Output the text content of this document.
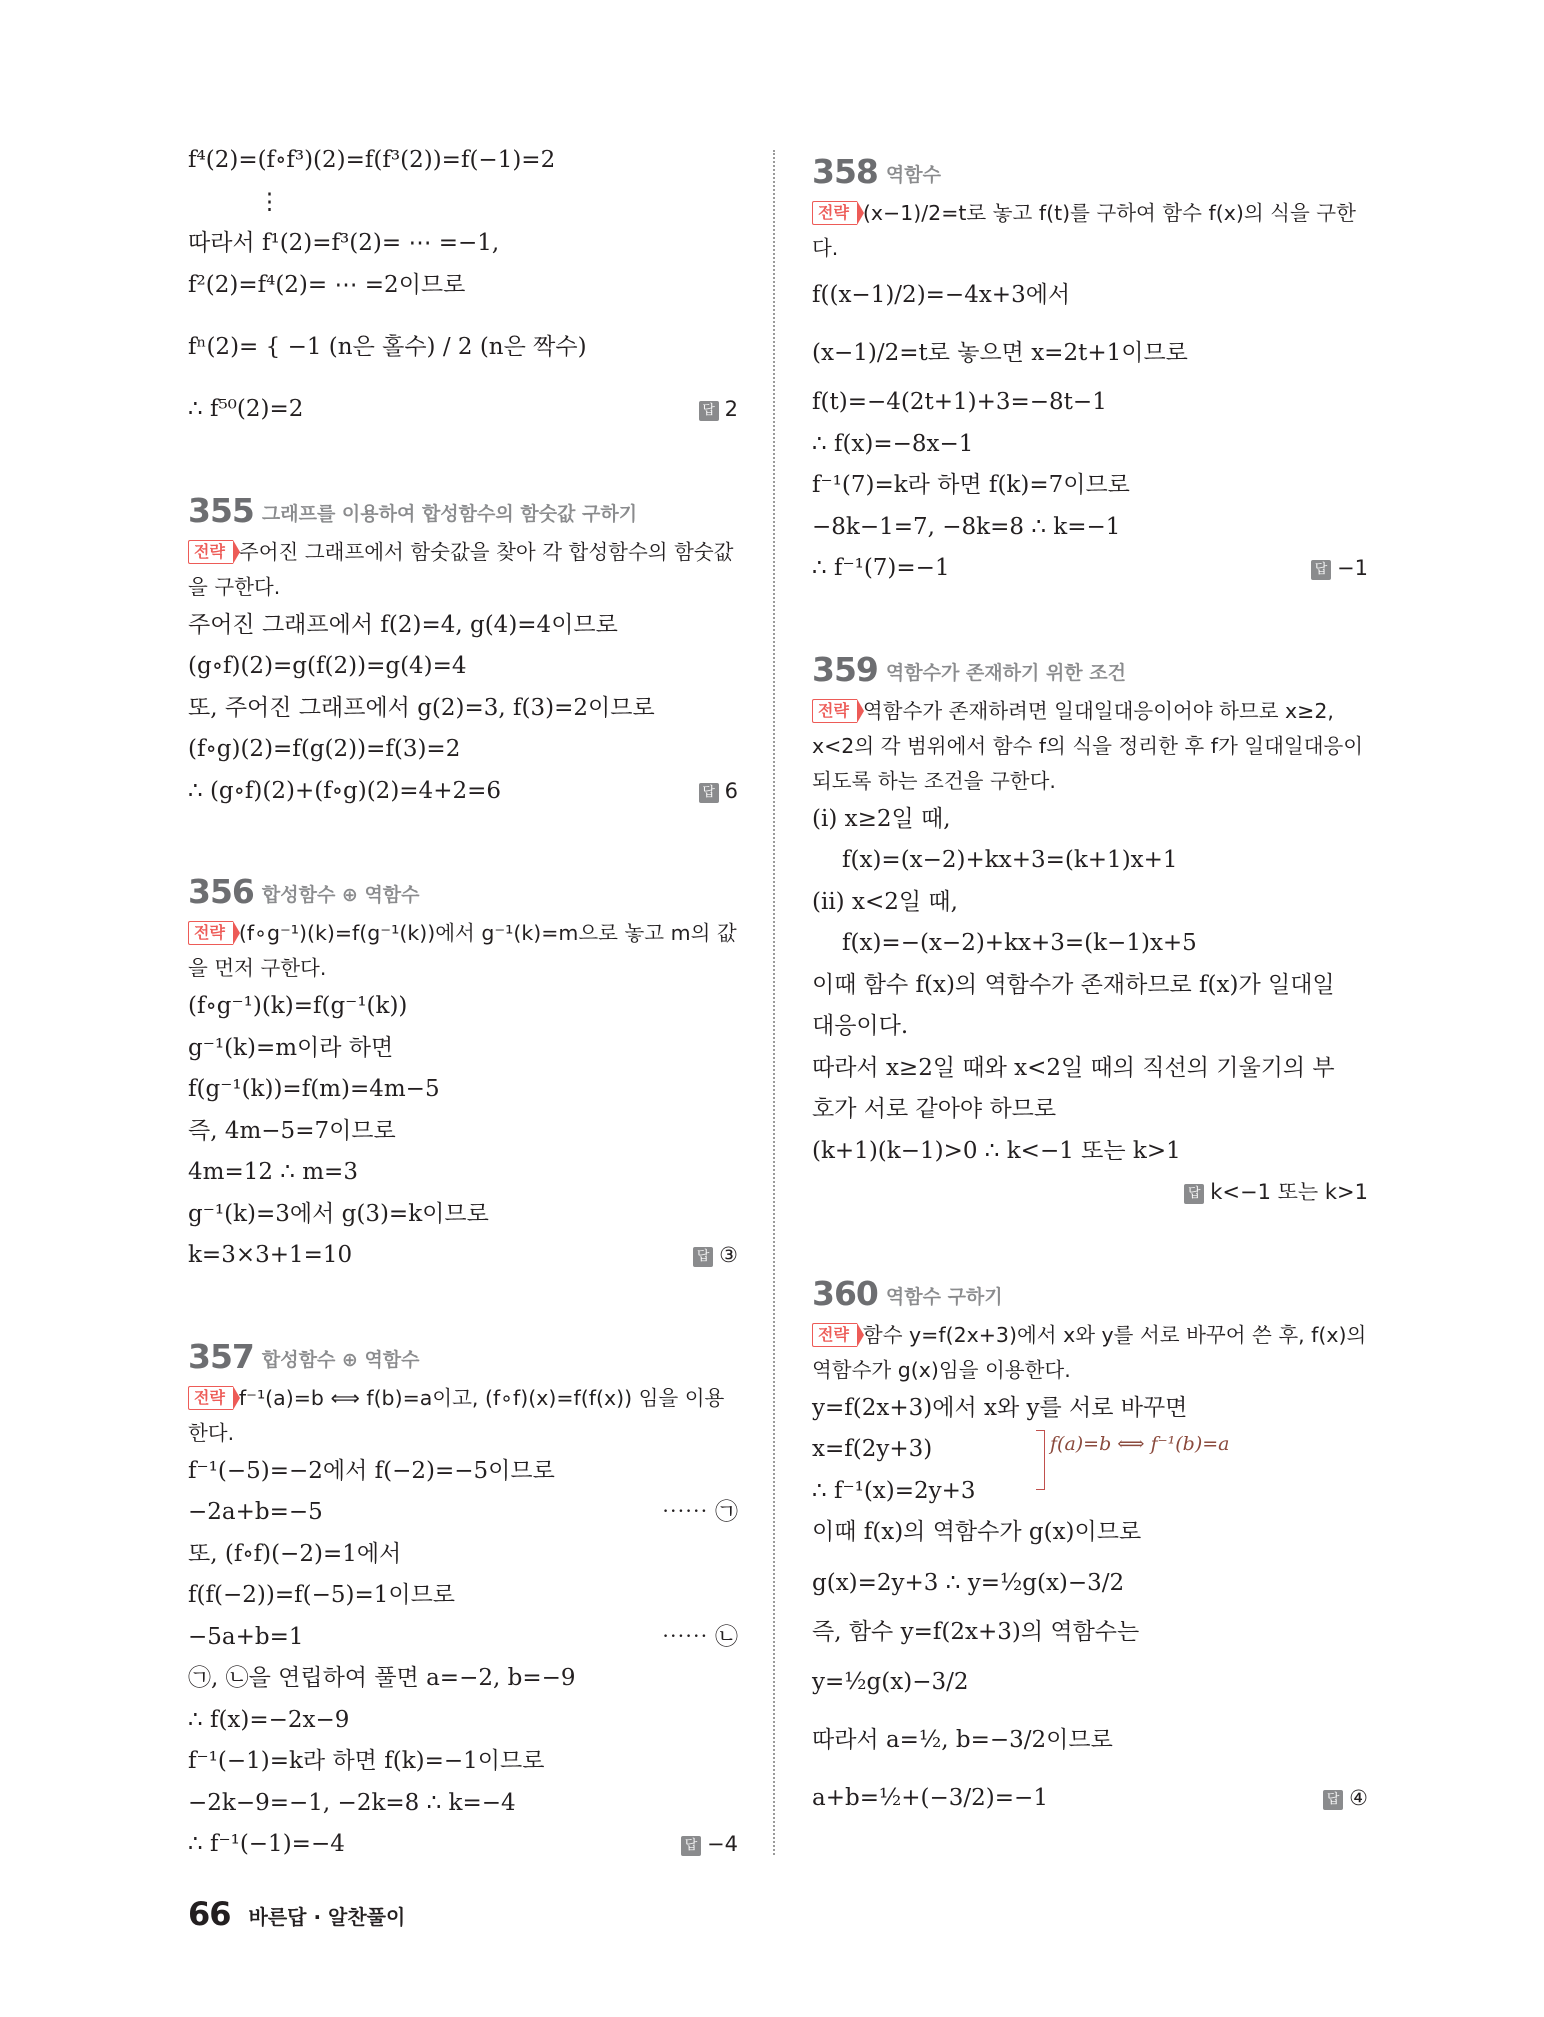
f⁴(2)=(f∘f³)(2)=f(f³(2))=f(−1)=2
⋮
따라서 f¹(2)=f³(2)= ⋯ =−1,
f²(2)=f⁴(2)= ⋯ =2이므로
fⁿ(2)= { −1 (n은 홀수) / 2 (n은 짝수)
∴ f⁵⁰(2)=2	답 2
355 그래프를 이용하여 합성함수의 함숫값 구하기
전략 주어진 그래프에서 함숫값을 찾아 각 합성함수의 함숫값을 구한다.
주어진 그래프에서 f(2)=4, g(4)=4이므로
(g∘f)(2)=g(f(2))=g(4)=4
또, 주어진 그래프에서 g(2)=3, f(3)=2이므로
(f∘g)(2)=f(g(2))=f(3)=2
∴ (g∘f)(2)+(f∘g)(2)=4+2=6	답 6
356 합성함수 ⊕ 역함수
전략 (f∘g⁻¹)(k)=f(g⁻¹(k))에서 g⁻¹(k)=m으로 놓고 m의 값을 먼저 구한다.
(f∘g⁻¹)(k)=f(g⁻¹(k))
g⁻¹(k)=m이라 하면
f(g⁻¹(k))=f(m)=4m−5
즉, 4m−5=7이므로
4m=12 ∴ m=3
g⁻¹(k)=3에서 g(3)=k이므로
k=3×3+1=10	답 ③
357 합성함수 ⊕ 역함수
전략 f⁻¹(a)=b ⟺ f(b)=a이고, (f∘f)(x)=f(f(x)) 임을 이용한다.
f⁻¹(−5)=−2에서 f(−2)=−5이므로
−2a+b=−5	⋯⋯ ㉠
또, (f∘f)(−2)=1에서
f(f(−2))=f(−5)=1이므로
−5a+b=1	⋯⋯ ㉡
㉠, ㉡을 연립하여 풀면 a=−2, b=−9
∴ f(x)=−2x−9
f⁻¹(−1)=k라 하면 f(k)=−1이므로
−2k−9=−1, −2k=8 ∴ k=−4
∴ f⁻¹(−1)=−4	답 −4
358 역함수
전략 (x−1)/2=t로 놓고 f(t)를 구하여 함수 f(x)의 식을 구한다.
f((x−1)/2)=−4x+3에서
(x−1)/2=t로 놓으면 x=2t+1이므로
f(t)=−4(2t+1)+3=−8t−1
∴ f(x)=−8x−1
f⁻¹(7)=k라 하면 f(k)=7이므로
−8k−1=7, −8k=8 ∴ k=−1
∴ f⁻¹(7)=−1	답 −1
359 역함수가 존재하기 위한 조건
전략 역함수가 존재하려면 일대일대응이어야 하므로 x≥2, x<2의 각 범위에서 함수 f의 식을 정리한 후 f가 일대일대응이 되도록 하는 조건을 구한다.
(i) x≥2일 때,
f(x)=(x−2)+kx+3=(k+1)x+1
(ii) x<2일 때,
f(x)=−(x−2)+kx+3=(k−1)x+5
이때 함수 f(x)의 역함수가 존재하므로 f(x)가 일대일
대응이다.
따라서 x≥2일 때와 x<2일 때의 직선의 기울기의 부
호가 서로 같아야 하므로
(k+1)(k−1)>0 ∴ k<−1 또는 k>1
답 k<−1 또는 k>1
360 역함수 구하기
전략 함수 y=f(2x+3)에서 x와 y를 서로 바꾸어 쓴 후, f(x)의 역함수가 g(x)임을 이용한다.
y=f(2x+3)에서 x와 y를 서로 바꾸면
x=f(2y+3)
∴ f⁻¹(x)=2y+3
이때 f(x)의 역함수가 g(x)이므로
g(x)=2y+3 ∴ y=½g(x)−3/2
즉, 함수 y=f(2x+3)의 역함수는
y=½g(x)−3/2
따라서 a=½, b=−3/2이므로
a+b=½+(−3/2)=−1	답 ④
f(a)=b ⟺ f⁻¹(b)=a
66 바른답 · 알찬풀이
